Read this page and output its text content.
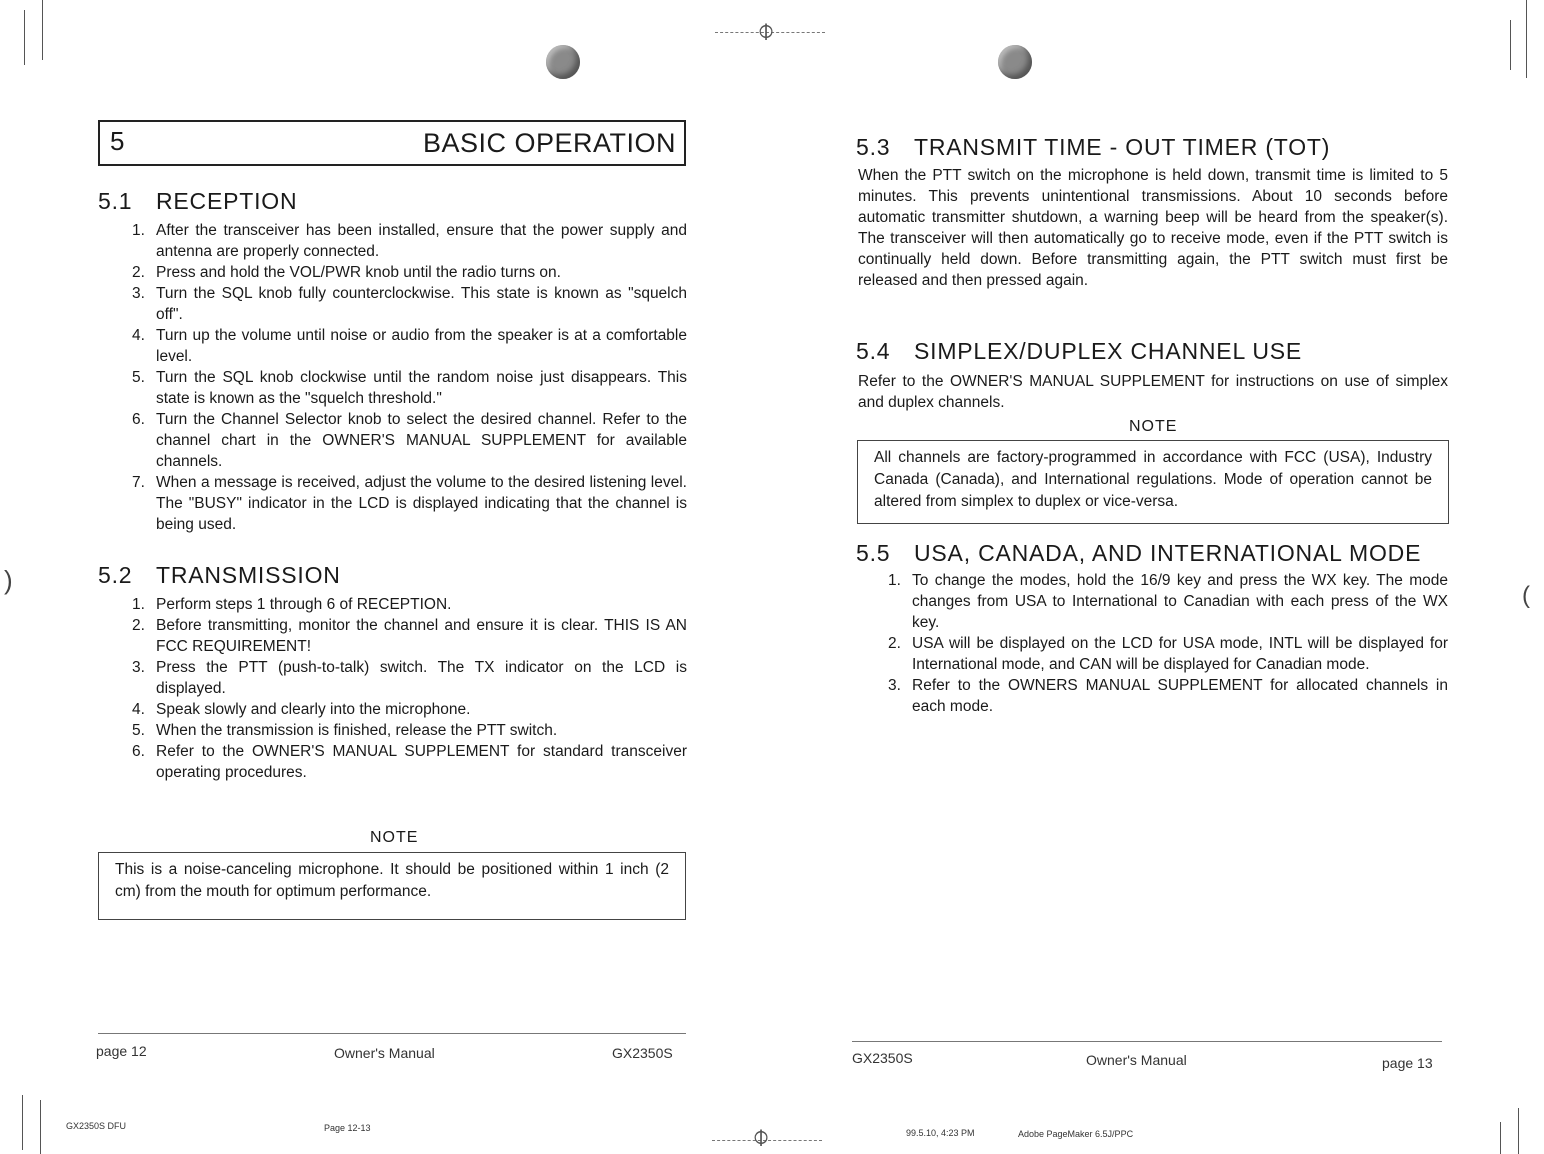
⌽
⌽
)
(
5	BASIC OPERATION
5.1 RECEPTION
1. After the transceiver has been installed, ensure that the power supply and antenna are properly connected.
2. Press and hold the VOL/PWR knob until the radio turns on.
3. Turn the SQL knob fully counterclockwise. This state is known as "squelch off".
4. Turn up the volume until noise or audio from the speaker is at a comfortable level.
5. Turn the SQL knob clockwise until the random noise just disappears. This state is known as the "squelch threshold."
6. Turn the Channel Selector knob to select the desired channel. Refer to the channel chart in the OWNER'S MANUAL SUPPLEMENT for available channels.
7. When a message is received, adjust the volume to the desired listening level. The "BUSY" indicator in the LCD is displayed indicating that the channel is being used.
5.2 TRANSMISSION
1. Perform steps 1 through 6 of RECEPTION.
2. Before transmitting, monitor the channel and ensure it is clear. THIS IS AN FCC REQUIREMENT!
3. Press the PTT (push-to-talk) switch. The TX indicator on the LCD is displayed.
4. Speak slowly and clearly into the microphone.
5. When the transmission is finished, release the PTT switch.
6. Refer to the OWNER'S MANUAL SUPPLEMENT for standard transceiver operating procedures.
NOTE
This is a noise-canceling microphone. It should be positioned within 1 inch (2 cm) from the mouth for optimum performance.
page 12	Owner's Manual	GX2350S
GX2350S DFU	Page 12-13
5.3 TRANSMIT TIME - OUT TIMER (TOT)

When the PTT switch on the microphone is held down, transmit time is limited to 5 minutes. This prevents unintentional transmissions. About 10 seconds before automatic transmitter shutdown, a warning beep will be heard from the speaker(s). The transceiver will then automatically go to receive mode, even if the PTT switch is continually held down. Before transmitting again, the PTT switch must first be released and then pressed again.

5.4 SIMPLEX/DUPLEX CHANNEL USE

Refer to the OWNER'S MANUAL SUPPLEMENT for instructions on use of simplex and duplex channels.

NOTE
All channels are factory-programmed in accordance with FCC (USA), Industry Canada (Canada), and International regulations. Mode of operation cannot be altered from simplex to duplex or vice-versa.
5.5 USA, CANADA, AND INTERNATIONAL MODE
1. To change the modes, hold the 16/9 key and press the WX key. The mode changes from USA to International to Canadian with each press of the WX key.
2. USA will be displayed on the LCD for USA mode, INTL will be displayed for International mode, and CAN will be displayed for Canadian mode.
3. Refer to the OWNERS MANUAL SUPPLEMENT for allocated channels in each mode.
GX2350S	Owner's Manual	page 13
99.5.10, 4:23 PM	Adobe PageMaker 6.5J/PPC
